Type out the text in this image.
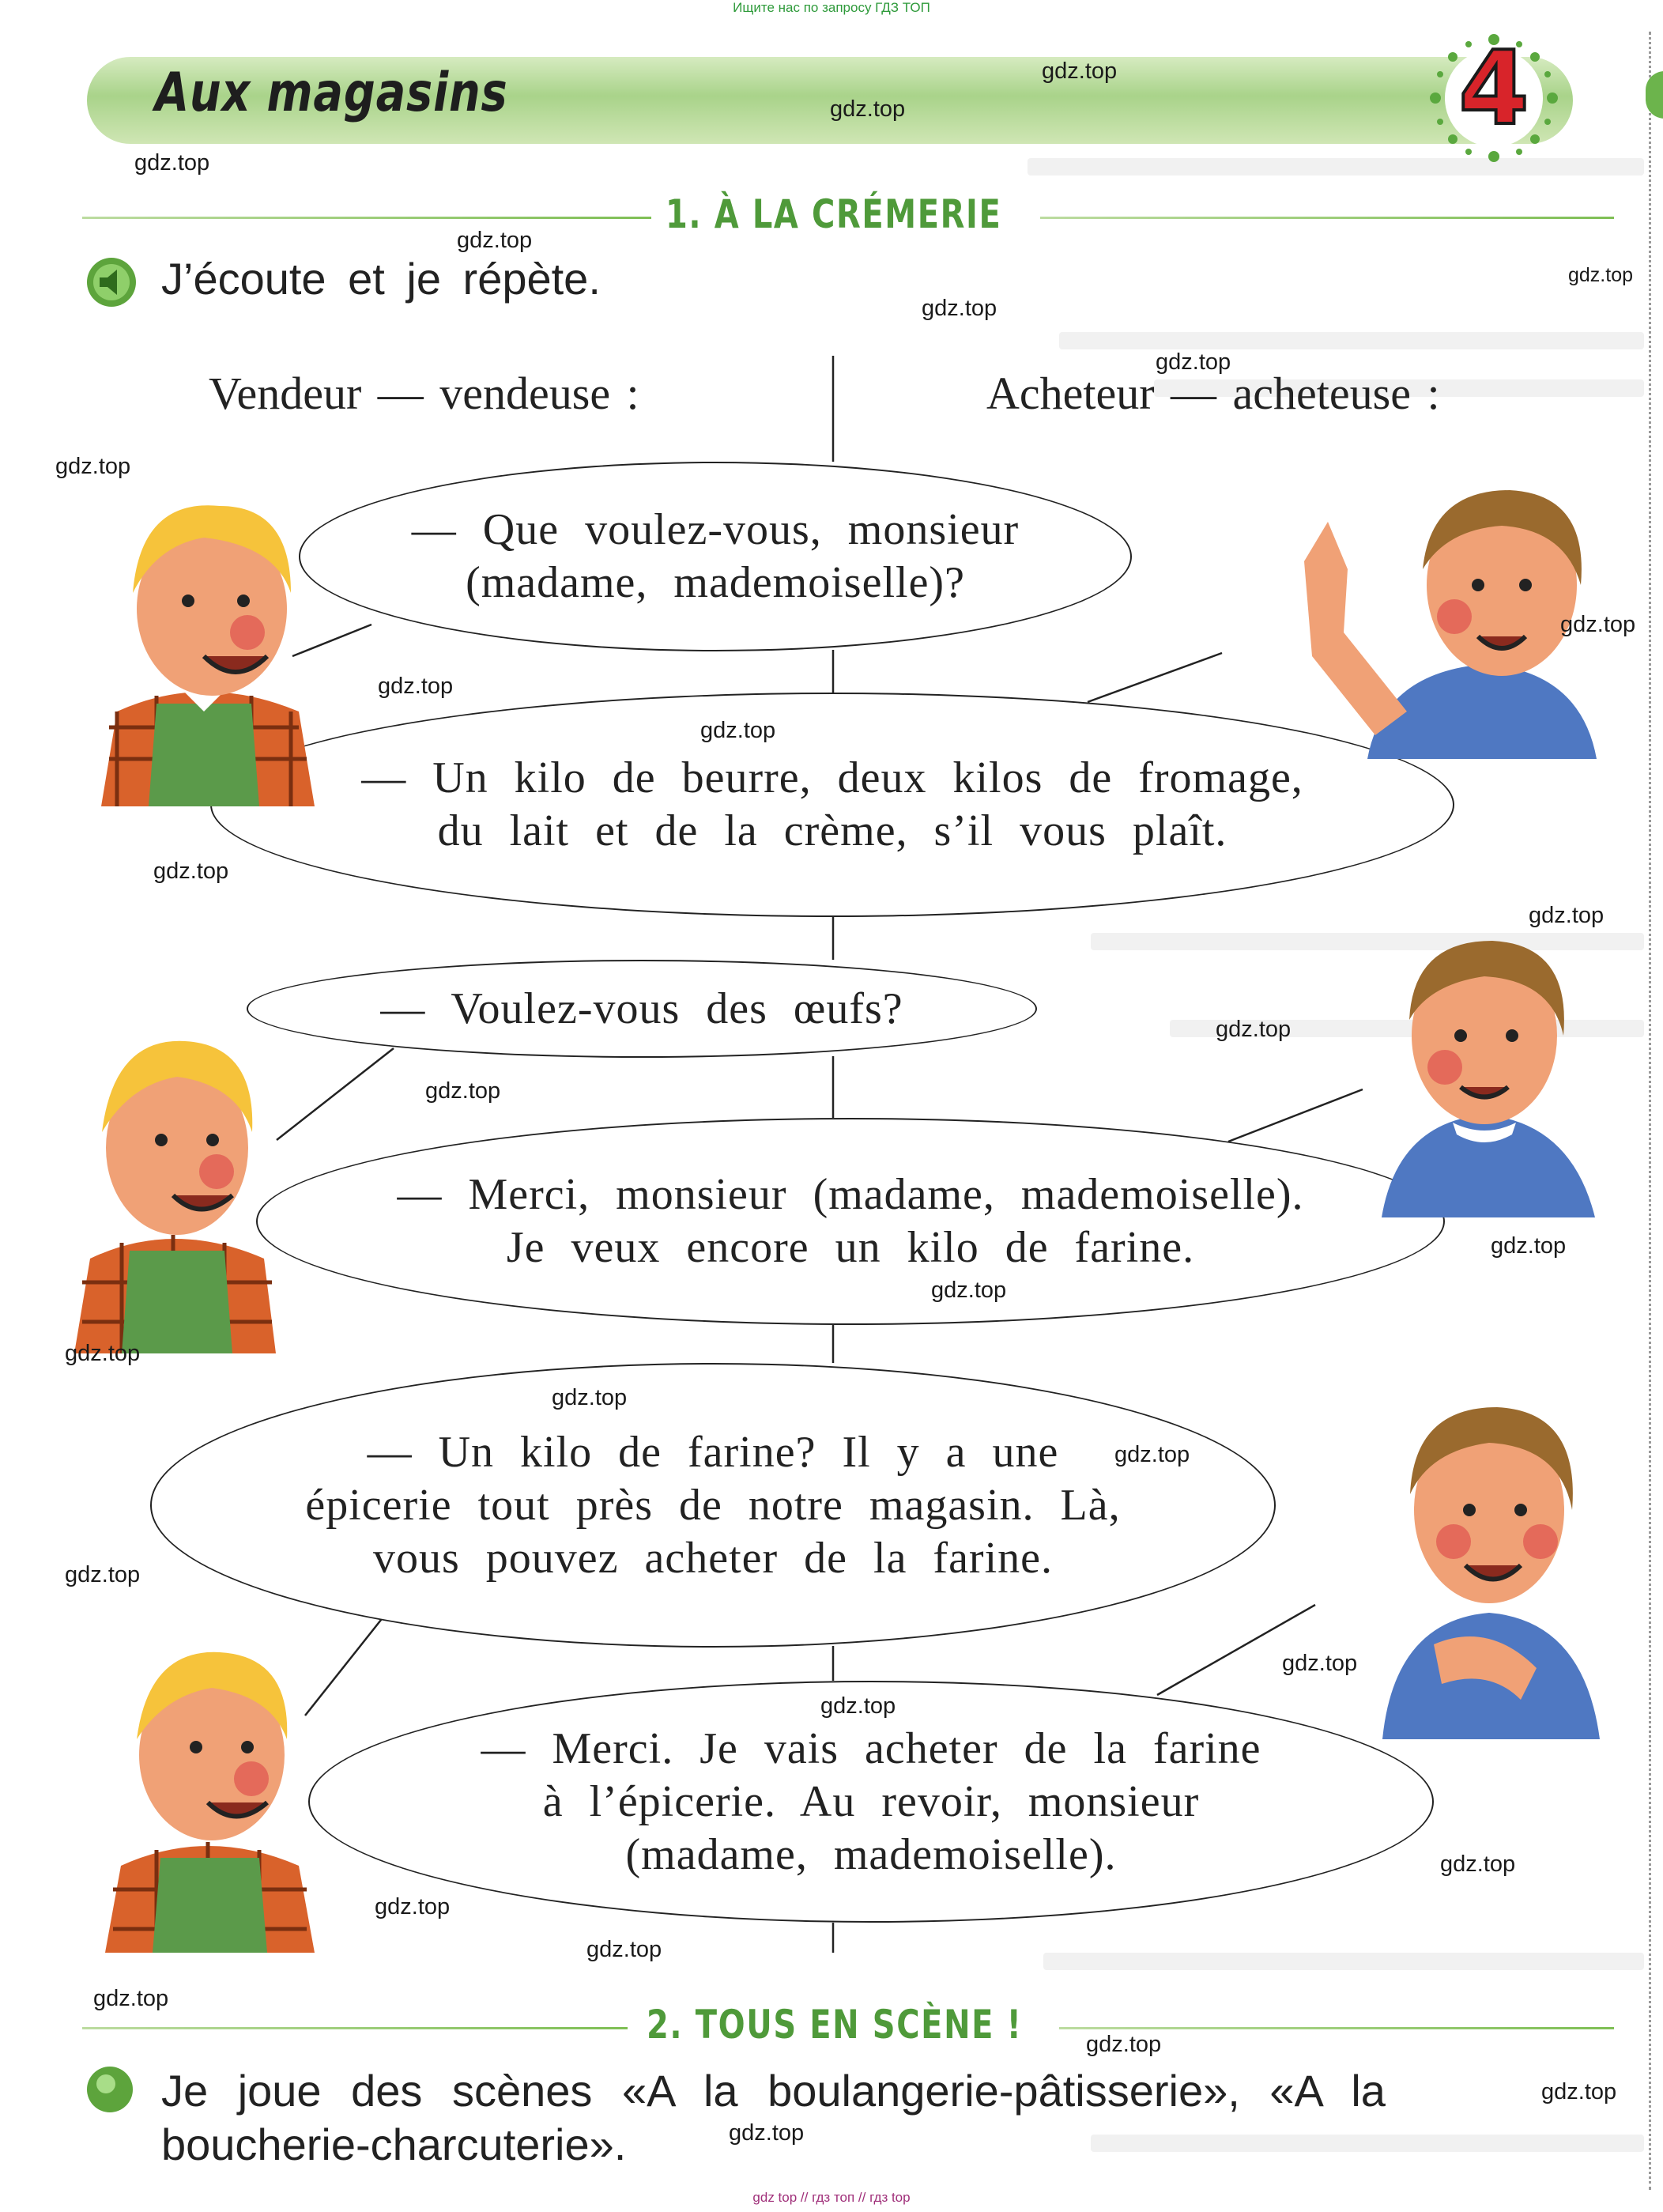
Ищите нас по запросу ГДЗ ТОП
Aux magasins	4
1. À LA CRÉMERIE
J’écoute et je répète.
Vendeur — vendeuse :	Acheteur — acheteuse :
— Que voulez-vous, monsieur
(madame, mademoiselle)?
— Un kilo de beurre, deux kilos de fromage,
du lait et de la crème, s’il vous plaît.
— Voulez-vous des œufs?
— Merci, monsieur (madame, mademoiselle).
Je veux encore un kilo de farine.
— Un kilo de farine? Il y a une
épicerie tout près de notre magasin. Là,
vous pouvez acheter de la farine.
— Merci. Je vais acheter de la farine
à l’épicerie. Au revoir, monsieur
(madame, mademoiselle).
2. TOUS EN SCÈNE !
Je joue des scènes «A la boulangerie-pâtisserie», «A la
boucherie-charcuterie».
gdz.top
gdz.top
gdz.top
gdz.top
gdz.top
gdz.top
gdz.top
gdz.top
gdz.top
gdz.top
gdz.top
gdz.top
gdz.top
gdz.top
gdz.top
gdz.top
gdz.top
gdz.top
gdz.top
gdz.top
gdz.top
gdz.top
gdz.top
gdz.top
gdz.top
gdz.top
gdz.top
gdz.top
gdz.top
gdz.top
gdz top // гдз топ // гдз top
